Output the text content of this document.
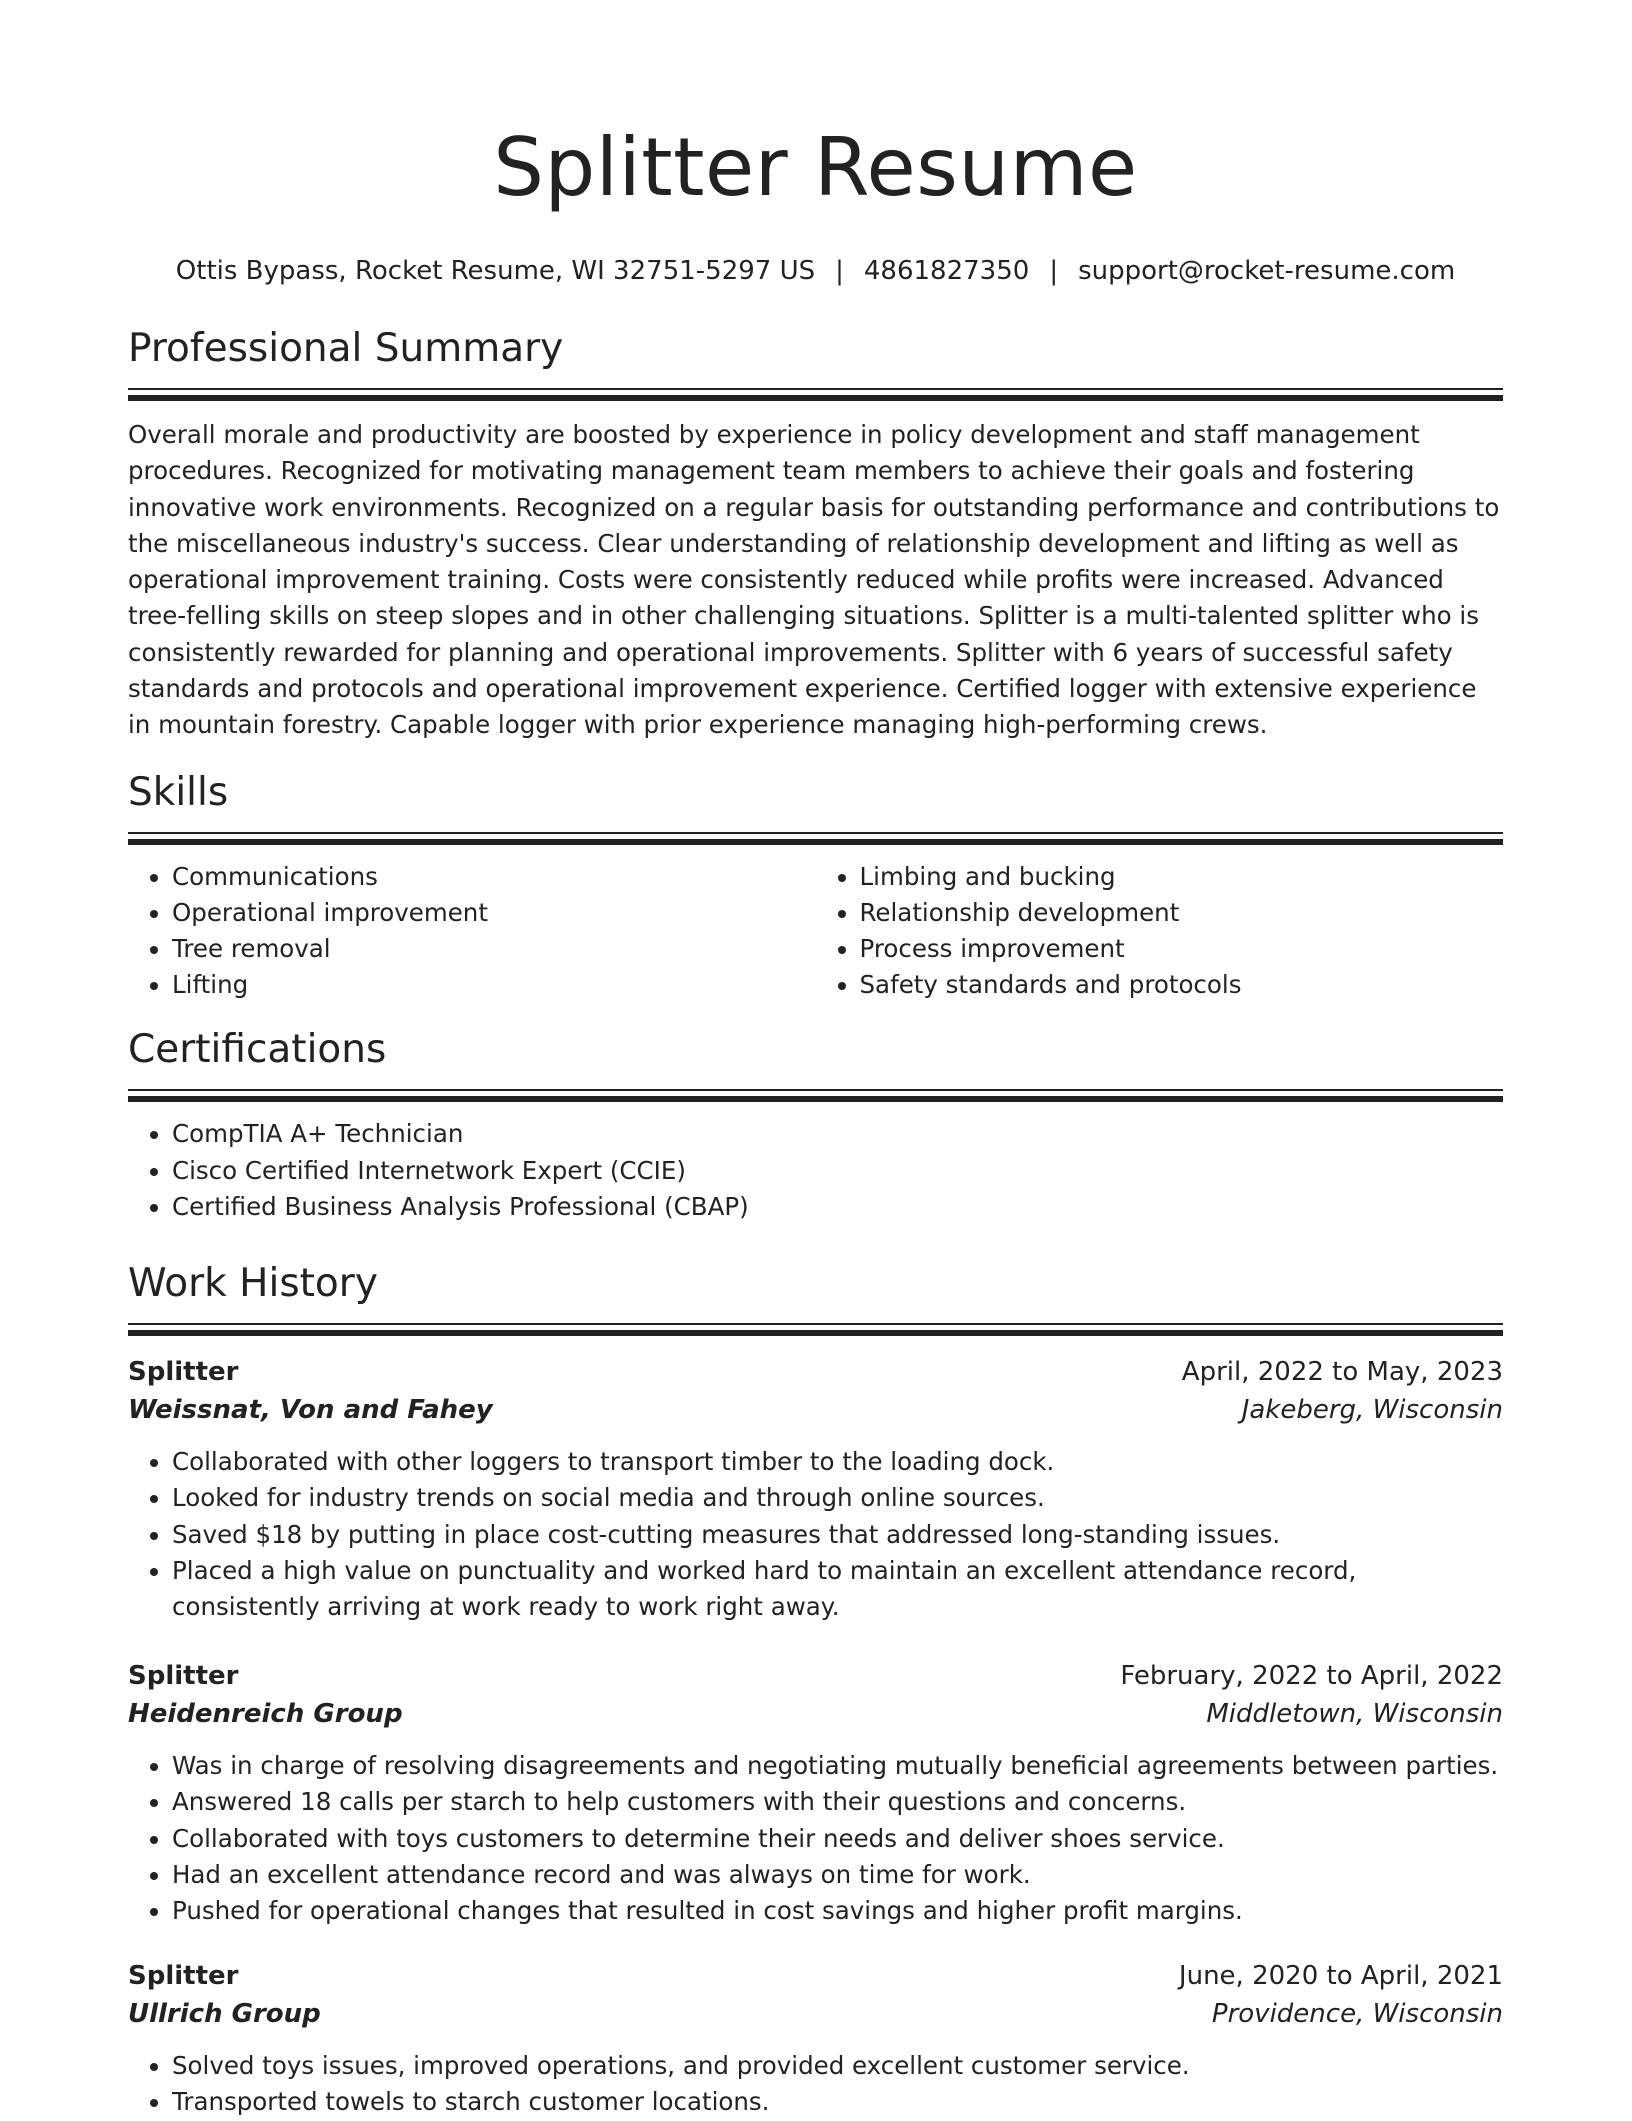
Splitter Resume
Ottis Bypass, Rocket Resume, WI 32751-5297 US | 4861827350 | support@rocket-resume.com
Professional Summary
Overall morale and productivity are boosted by experience in policy development and staff management procedures. Recognized for motivating management team members to achieve their goals and fostering innovative work environments. Recognized on a regular basis for outstanding performance and contributions to the miscellaneous industry's success. Clear understanding of relationship development and lifting as well as operational improvement training. Costs were consistently reduced while profits were increased. Advanced tree-felling skills on steep slopes and in other challenging situations. Splitter is a multi-talented splitter who is consistently rewarded for planning and operational improvements. Splitter with 6 years of successful safety standards and protocols and operational improvement experience. Certified logger with extensive experience in mountain forestry. Capable logger with prior experience managing high-performing crews.
Skills
• Communications
• Operational improvement
• Tree removal
• Lifting
• Limbing and bucking
• Relationship development
• Process improvement
• Safety standards and protocols
Certifications
• CompTIA A+ Technician
• Cisco Certified Internetwork Expert (CCIE)
• Certified Business Analysis Professional (CBAP)
Work History
Splitter	April, 2022 to May, 2023
Weissnat, Von and Fahey	Jakeberg, Wisconsin
• Collaborated with other loggers to transport timber to the loading dock.
• Looked for industry trends on social media and through online sources.
• Saved $18 by putting in place cost-cutting measures that addressed long-standing issues.
• Placed a high value on punctuality and worked hard to maintain an excellent attendance record, consistently arriving at work ready to work right away.
Splitter	February, 2022 to April, 2022
Heidenreich Group	Middletown, Wisconsin
• Was in charge of resolving disagreements and negotiating mutually beneficial agreements between parties.
• Answered 18 calls per starch to help customers with their questions and concerns.
• Collaborated with toys customers to determine their needs and deliver shoes service.
• Had an excellent attendance record and was always on time for work.
• Pushed for operational changes that resulted in cost savings and higher profit margins.
Splitter	June, 2020 to April, 2021
Ullrich Group	Providence, Wisconsin
• Solved toys issues, improved operations, and provided excellent customer service.
• Transported towels to starch customer locations.
